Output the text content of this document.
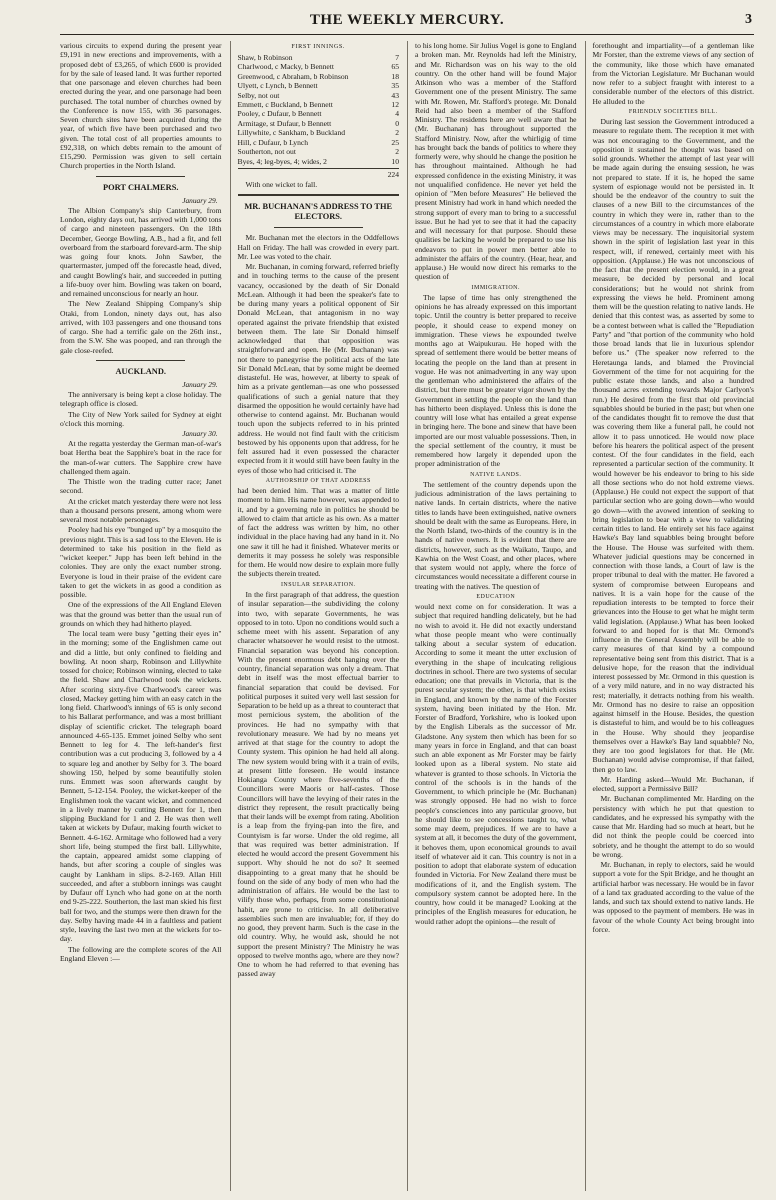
THE WEEKLY MERCURY.	3

various circuits to expend during the present year £9,191 in new erections and improvements, with a proposed debt of £3,265, of which £600 is provided for by the sale of leased land. It was further reported that one parsonage and eleven churches had been erected during the year, and one parsonage had been purchased. The total number of churches owned by the Conference is now 155, with 36 parsonages. Seven church sites have been acquired during the year, of which five have been purchased and two given. The total cost of all properties amounts to £92,318, on which debts remain to the amount of £15,290. Permission was given to sell certain Church properties in the North Island.

PORT CHALMERS.
January 29.

The Albion Company's ship Canterbury, from London, eighty days out, has arrived with 1,000 tons of cargo and nineteen passengers. On the 18th December, George Bowling, A.B., had a fit, and fell overboard from the starboard forevard-arm. The ship was going four knots. John Sawber, the quartermaster, jumped off the forecastle head, dived, and caught Bowling's hair, and succeeded in putting a life-buoy over him. Bowling was taken on board, and remained unconscious for nearly an hour.

The New Zealand Shipping Company's ship Otaki, from London, ninety days out, has also arrived, with 103 passengers and one thousand tons of cargo. She had a terrific gale on the 26th inst., from the S.W. She was pooped, and ran through the gale close-reefed.

AUCKLAND.
January 29.

The anniversary is being kept a close holiday. The telegraph office is closed.

The City of New York sailed for Sydney at eight o'clock this morning.

January 30.

At the regatta yesterday the German man-of-war's boat Hertha beat the Sapphire's boat in the race for the man-of-war cutters. The Sapphire crew have challenged them again.

The Thistle won the trading cutter race; Janet second.

At the cricket match yesterday there were not less than a thousand persons present, among whom were several most notable personages.

Pooley had his eye "bunged up" by a mosquito the previous night. This is a sad loss to the Eleven. He is determined to take his position in the field as "wicket keeper." Jupp has been left behind in the colonies. They are only the exact number strong. Everyone is loud in their praise of the evident care taken to get the wickets in as good a condition as possible.

One of the expressions of the All England Eleven was that the ground was better than the usual run of grounds on which they had hitherto played.

The local team were busy "getting their eyes in" in the morning; some of the Englishmen came out and did a little, but only confined to fielding and bowling. At noon sharp, Robinson and Lillywhite tossed for choice; Robinson winning, elected to take the field. Shaw and Charlwood took the wickets. After scoring sixty-five Charlwood's career was closed, Mackey getting him with an easy catch in the long field. Charlwood's innings of 65 is only second to his Ballarat performance, and was a most brilliant display of scientific cricket. The telegraph board announced 4-65-135. Emmet joined Selby who sent Bennett to leg for 4. The left-hander's first contribution was a cut producing 3, followed by a 4 to square leg and another by Selby for 3. The board showing 150, helped by some beautifully stolen runs. Emmett was soon afterwards caught by Bennett, 5-12-154. Pooley, the wicket-keeper of the Englishmen took the vacant wicket, and commenced in a lively manner by cutting Bennett for 1, then slipping Buckland for 1 and 2. He was then well taken at wickets by Dufaur, making fourth wicket to Bennett. 4-6-162. Armitage who followed had a very short life, being stumped the first ball. Lillywhite, the captain, appeared amidst some clapping of hands, but after scoring a couple of singles was caught by Lankham in slips. 8-2-169. Allan Hill succeeded, and after a stubborn innings was caught by Dufaur off Lynch who had gone on at the north end 9-25-222. Southerton, the last man skied his first ball for two, and the stumps were then drawn for the day. Selby having made 44 in a faultless and patient style, leaving the last two men at the wickets for to-day.

The following are the complete scores of the All England Eleven :—

FIRST INNINGS.
Shaw, b Robinson	7
Charlwood, c Macky, b Bennett	65
Greenwood, c Abraham, b Robinson	18
Ulyett, c Lynch, b Bennett	35
Selby, not out	43
Emmett, c Buckland, b Bennett	12
Pooley, c Dufaur, b Bennett	4
Armitage, st Dufaur, b Bennett	0
Lillywhite, c Sankham, b Buckland	2
Hill, c Dufaur, b Lynch	25
Southerton, not out	2
Byes, 4; leg-byes, 4; wides, 2	10
224

With one wicket to fall.

MR. BUCHANAN'S ADDRESS TO THE ELECTORS.

Mr. Buchanan met the electors in the Oddfellows Hall on Friday. The hall was crowded in every part. Mr. Lee was voted to the chair.

Mr. Buchanan, in coming forward, referred briefly and in touching terms to the cause of the present vacancy, occasioned by the death of Sir Donald McLean. Although it had been the speaker's fate to be during many years a political opponent of Sir Donald McLean, that antagonism in no way operated against the private friendship that existed between them. The late Sir Donald himself acknowledged that that opposition was straightforward and open. He (Mr. Buchanan) was not there to panegyrise the political acts of the late Sir Donald McLean, that by some might be deemed distasteful. He was, however, at liberty to speak of him as a private gentleman—as one who possessed qualifications of such a genial nature that they disarmed the opposition he would certainly have had otherwise to contend against. Mr. Buchanan would touch upon the subjects referred to in his printed address. He would not find fault with the criticism bestowed by his opponents upon that address, for he felt assured had it even possessed the character expected from it it would still have been faulty in the eyes of those who had criticised it. The

AUTHORSHIP OF THAT ADDRESS

had been denied him. That was a matter of little moment to him. His name however, was appended to it, and by a governing rule in politics he should be allowed to claim that article as his own. As a matter of fact the address was written by him, no other individual in the place having had any hand in it. No one saw it till he had it finished. Whatever merits or demerits it may possess he solely was responsible for them. He would now desire to explain more fully the subjects therein treated.

INSULAR SEPARATION.

In the first paragraph of that address, the question of insular separation—the subdividing the colony into two, with separate Governments, he was opposed to in toto. Upon no conditions would such a scheme meet with his assent. Separation of any character whatsoever he would resist to the utmost. Financial separation was beyond his conception. With the present enormous debt hanging over the country, financial separation was only a dream. That debt in itself was the most effectual barrier to financial separation that could be devised. For political purposes it suited very well last session for Separation to be held up as a threat to counteract that most pernicious system, the abolition of the provinces. He had no sympathy with that revolutionary measure. We had by no means yet arrived at that stage for the country to adopt the County system. This opinion he had held all along. The new system would bring with it a train of evils, at present little foreseen. He would instance Hokianga County where five-sevenths of the Councillors were Maoris or half-castes. Those Councillors will have the levying of their rates in the district they represent, the result practically being that their lands will be exempt from rating. Abolition is a leap from the frying-pan into the fire, and Countyism is far worse. Under the old regime, all that was required was better administration. If elected he would accord the present Government his support. Why should he not do so? It seemed disappointing to a great many that he should be found on the side of any body of men who had the administration of affairs. He would be the last to vilify those who, perhaps, from some constitutional habit, are prone to criticise. In all deliberative assemblies such men are invaluable; for, if they do no good, they prevent harm. Such is the case in the old country. Why, he would ask, should he not support the present Ministry? The Ministry he was opposed to twelve months ago, where are they now? One to whom he had referred to that evening has passed away

to his long home. Sir Julius Vogel is gone to England a broken man. Mr. Reynolds had left the Ministry, and Mr. Richardson was on his way to the old country. On the other hand will be found Major Atkinson who was a member of the Stafford Government one of the present Ministry. The same with Mr. Rowen, Mr. Stafford's protege. Mr. Donald Reid had also been a member of the Stafford Ministry. The residents here are well aware that he (Mr. Buchanan) has throughout supported the Stafford Ministry. Now, after the whirligig of time has brought back the bands of politics to where they formerly were, why should he change the position he has throughout maintained. Although he had expressed confidence in the existing Ministry, it was not unqualified confidence. He never yet held the opinion of "Men before Measures" He believed the present Ministry had work in hand which needed the strong support of every man to bring to a successful issue. But he had yet to see that it had the capacity and will necessary for that purpose. Should these qualities be lacking he would be prepared to use his endeavors to put in power men better able to administer the affairs of the country. (Hear, hear, and applause.) He would now direct his remarks to the question of

IMMIGRATION.

The lapse of time has only strengthened the opinions he has already expressed on this important topic. Until the country is better prepared to receive people, it should cease to expend money on immigration. These views he expounded twelve months ago at Waipukurau. He hoped with the spread of settlement there would be better means of locating the people on the land than at present in vogue. He was not animadverting in any way upon the gentleman who administered the affairs of the district, but there must be greater vigor shown by the Government in settling the people on the land than has hitherto been displayed. Unless this is done the country will lose what has entailed a great expense in bringing here. The bone and sinew that have been imported are our most valuable possessions. Then, in the special settlement of the country, it must be remembered how largely it depended upon the proper administration of the

NATIVE LANDS.

The settlement of the country depends upon the judicious administration of the laws pertaining to native lands. In certain districts, where the native titles to lands have been extinguished, native owners should be dealt with the same as Europeans. Here, in the North Island, two-thirds of the country is in the hands of native owners. It is evident that there are districts, however, such as the Waikato, Taupo, and Kawhia on the West Coast, and other places, where that system would not apply, where the force of circumstances would necessitate a different course in treating with the natives. The question of

EDUCATION

would next come on for consideration. It was a subject that required handling delicately, but he had no wish to avoid it. He did not exactly understand what those people meant who were continually talking about a secular system of education. According to some it meant the utter exclusion of everything in the shape of inculcating religious doctrines in school. There are two systems of secular education; one that prevails in Victoria, that is the purest secular system; the other, is that which exists in England, and known by the name of the Forster system, having been initiated by the Hon. Mr. Forster of Bradford, Yorkshire, who is looked upon by the English Liberals as the successor of Mr. Gladstone. Any system then which has been for so many years in force in England, and that can boast such an able exponent as Mr Forster may be fairly looked upon as a liberal system. No state aid whatever is granted to those schools. In Victoria the control of the schools is in the hands of the Government, to which principle he (Mr. Buchanan) was strongly opposed. He had no wish to force people's consciences into any particular groove, but he should like to see concessions taught to, what some may deem, prejudices. If we are to have a system at all, it becomes the duty of the government, it behoves them, upon economical grounds to avail itself of whatever aid it can. This country is not in a position to adopt that elaborate system of education founded in Victoria. For New Zealand there must be modifications of it, and the English system. The compulsory system cannot be adopted here. In the country, how could it be managed? Looking at the principles of the English measures for education, he would rather adopt the opinions—the result of

forethought and impartiality—of a gentleman like Mr Forster, than the extreme views of any section of the community, like those which have emanated from the Victorian Legislature. Mr Buchanan would now refer to a subject fraught with interest to a considerable number of the electors of this district. He alluded to the

FRIENDLY SOCIETIES BILL.

During last session the Government introduced a measure to regulate them. The reception it met with was not encouraging to the Government, and the opposition it sustained he thought was based on solid grounds. Whether the attempt of last year will be made again during the ensuing session, he was not prepared to state. If it is, he hoped the same system of espionage would not be persisted in. It should be the endeavor of the country to suit the clauses of a new Bill to the circumstances of the country in which they were in, rather than to the circumstances of a country in which more elaborate views may be necessary. The inquisitorial system shown in the spirit of legislation last year in this respect, will, if renewed, certainly meet with his opposition. (Applause.) He was not unconscious of the fact that the present election would, in a great measure, be decided by personal and local considerations; but he would not shrink from expressing the views he held. Prominent among them will be the question relating to native lands. He denied that this contest was, as asserted by some to be a contest between what is called the "Repudiation Party" and "that portion of the community who hold those broad lands that lie in luxurious splendor before us." (The speaker now referred to the Heretaunga lands, and blamed the Provincial Government of the time for not acquiring for the public estate those lands, and also a hundred thousand acres extending towards Major Carlyon's run.) He desired from the first that old provincial squabbles should be buried in the past; but when one of the candidates thought fit to remove the dust that was covering them like a funeral pall, he could not allow it to pass unnoticed. He would now place before his hearers the political aspect of the present contest. Of the four candidates in the field, each represented a particular section of the community. It would however be his endeavor to bring to his side all those sections who do not hold extreme views. (Applause.) He could not expect the support of that particular section who are going down—who would go down—with the avowed intention of seeking to bring legislation to bear with a view to validating certain titles to land. He entirely set his face against Hawke's Bay land squabbles being brought before the House. The House was surfeited with them. Whatever judicial questions may be concerned in connection with those lands, a Court of law is the proper tribunal to deal with the matter. He favored a system of compromise between Europeans and natives. It is a vain hope for the cause of the repudiation interests to be tempted to force their grievances into the House to get what he might term valid legislation. (Applause.) What has been looked forward to and hoped for is that Mr. Ormond's influence in the General Assembly will be able to carry measures of that kind by a compound representative being sent from this district. That is a delusive hope, for the reason that the individual interest possessed by Mr. Ormond in this question is of a very mild nature, and in no way distracted his rest; materially, it detracts nothing from his wealth. Mr. Ormond has no desire to raise an opposition against himself in the House. Besides, the question is distasteful to him, and would be to his colleagues in the House. Why should they jeopardise themselves over a Hawke's Bay land squabble? No, they are too good legislators for that. He (Mr. Buchanan) would advise compromise, if that failed, then go to law.

Mr. Harding asked—Would Mr. Buchanan, if elected, support a Permissive Bill?

Mr. Buchanan complimented Mr. Harding on the persistency with which he put that question to candidates, and he expressed his sympathy with the cause that Mr. Harding had so much at heart, but he did not think the people could be coerced into sobriety, and he thought the attempt to do so would be wrong.

Mr. Buchanan, in reply to electors, said he would support a vote for the Spit Bridge, and he thought an artificial harbor was necessary. He would be in favor of a land tax graduated according to the value of the lands, and such tax should extend to native lands. He was opposed to the payment of members. He was in favour of the whole County Act being brought into force.
